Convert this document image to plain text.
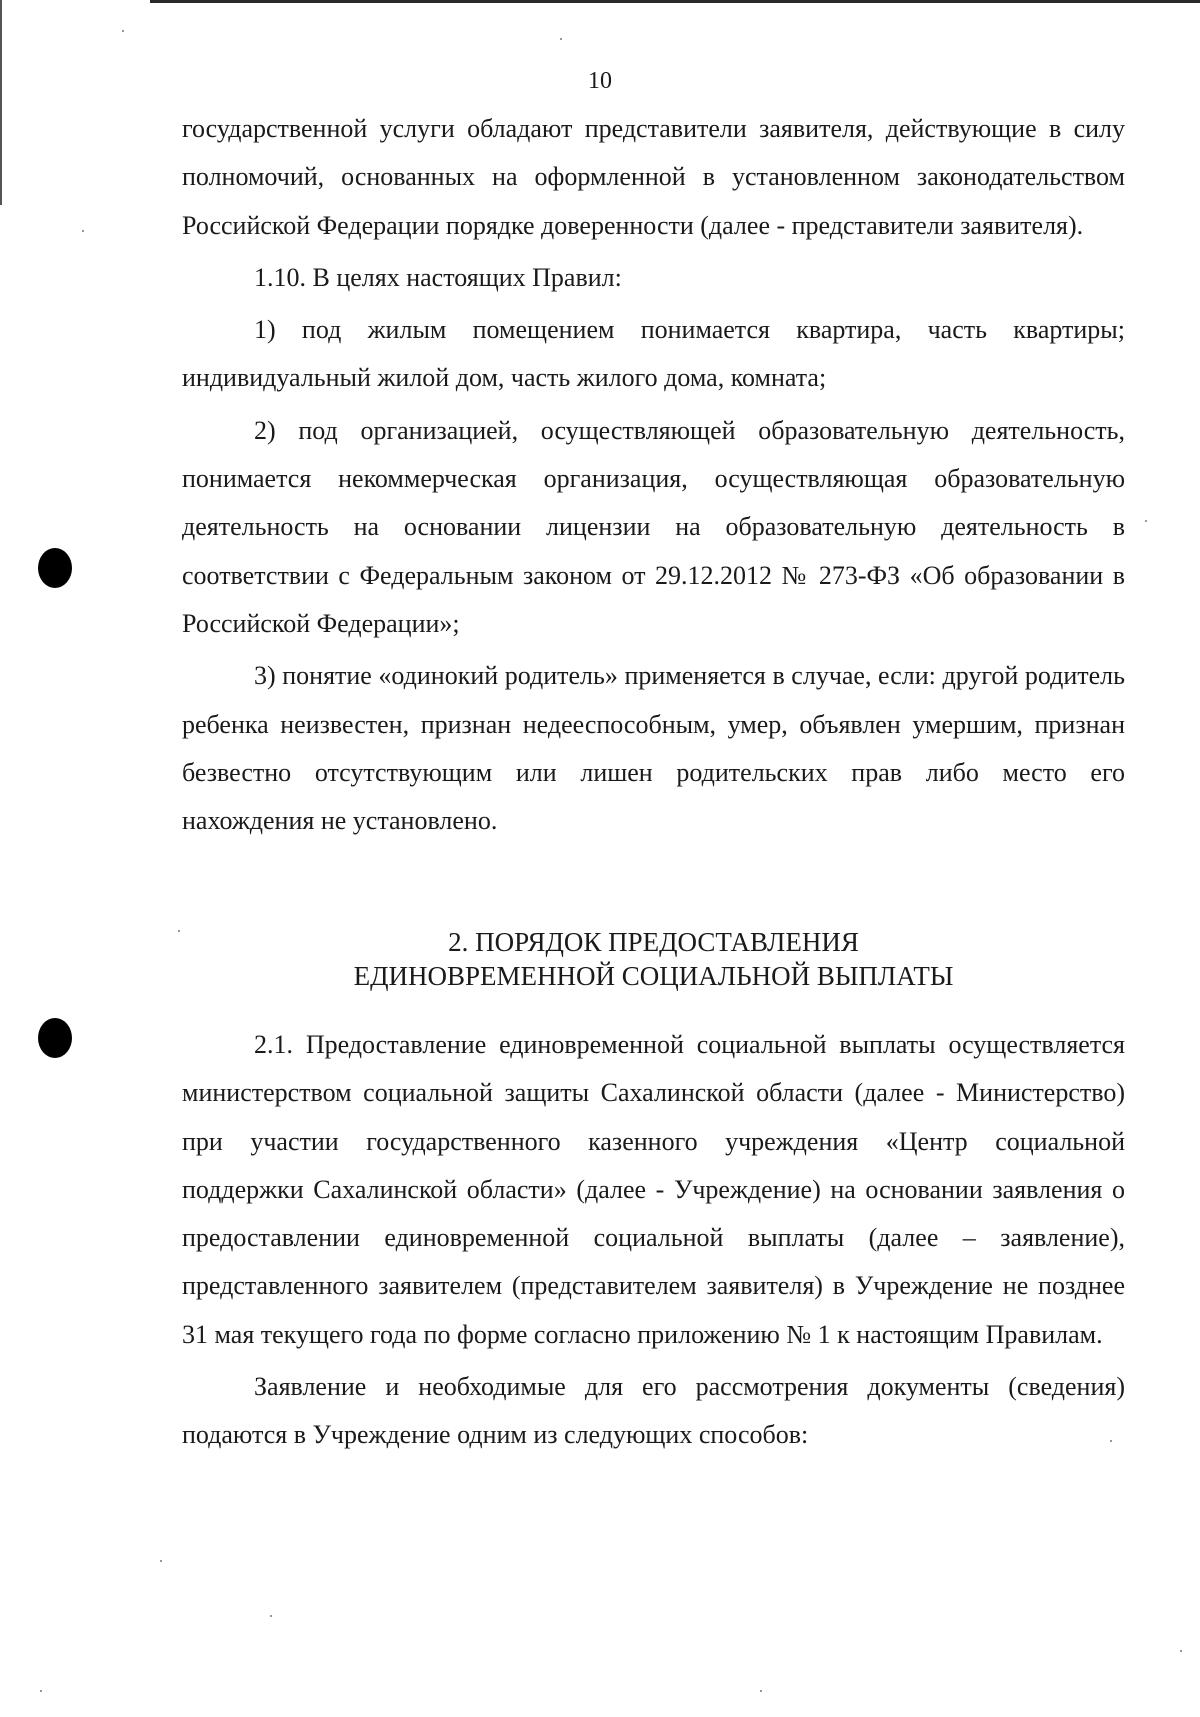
10

государственной услуги обладают представители заявителя, действующие в силу полномочий, основанных на оформленной в установленном законодательством Российской Федерации порядке доверенности (далее - представители заявителя).

1.10. В целях настоящих Правил:

1) под жилым помещением понимается квартира, часть квартиры; индивидуальный жилой дом, часть жилого дома, комната;

2) под организацией, осуществляющей образовательную деятельность, понимается некоммерческая организация, осуществляющая образовательную деятельность на основании лицензии на образовательную деятельность в соответствии с Федеральным законом от 29.12.2012 № 273-ФЗ «Об образовании в Российской Федерации»;

3) понятие «одинокий родитель» применяется в случае, если: другой родитель ребенка неизвестен, признан недееспособным, умер, объявлен умершим, признан безвестно отсутствующим или лишен родительских прав либо место его нахождения не установлено.

2. ПОРЯДОК ПРЕДОСТАВЛЕНИЯ
ЕДИНОВРЕМЕННОЙ СОЦИАЛЬНОЙ ВЫПЛАТЫ

2.1. Предоставление единовременной социальной выплаты осуществляется министерством социальной защиты Сахалинской области (далее - Министерство) при участии государственного казенного учреждения «Центр социальной поддержки Сахалинской области» (далее - Учреждение) на основании заявления о предоставлении единовременной социальной выплаты (далее – заявление), представленного заявителем (представителем заявителя) в Учреждение не позднее 31 мая текущего года по форме согласно приложению № 1 к настоящим Правилам.

Заявление и необходимые для его рассмотрения документы (сведения) подаются в Учреждение одним из следующих способов:
